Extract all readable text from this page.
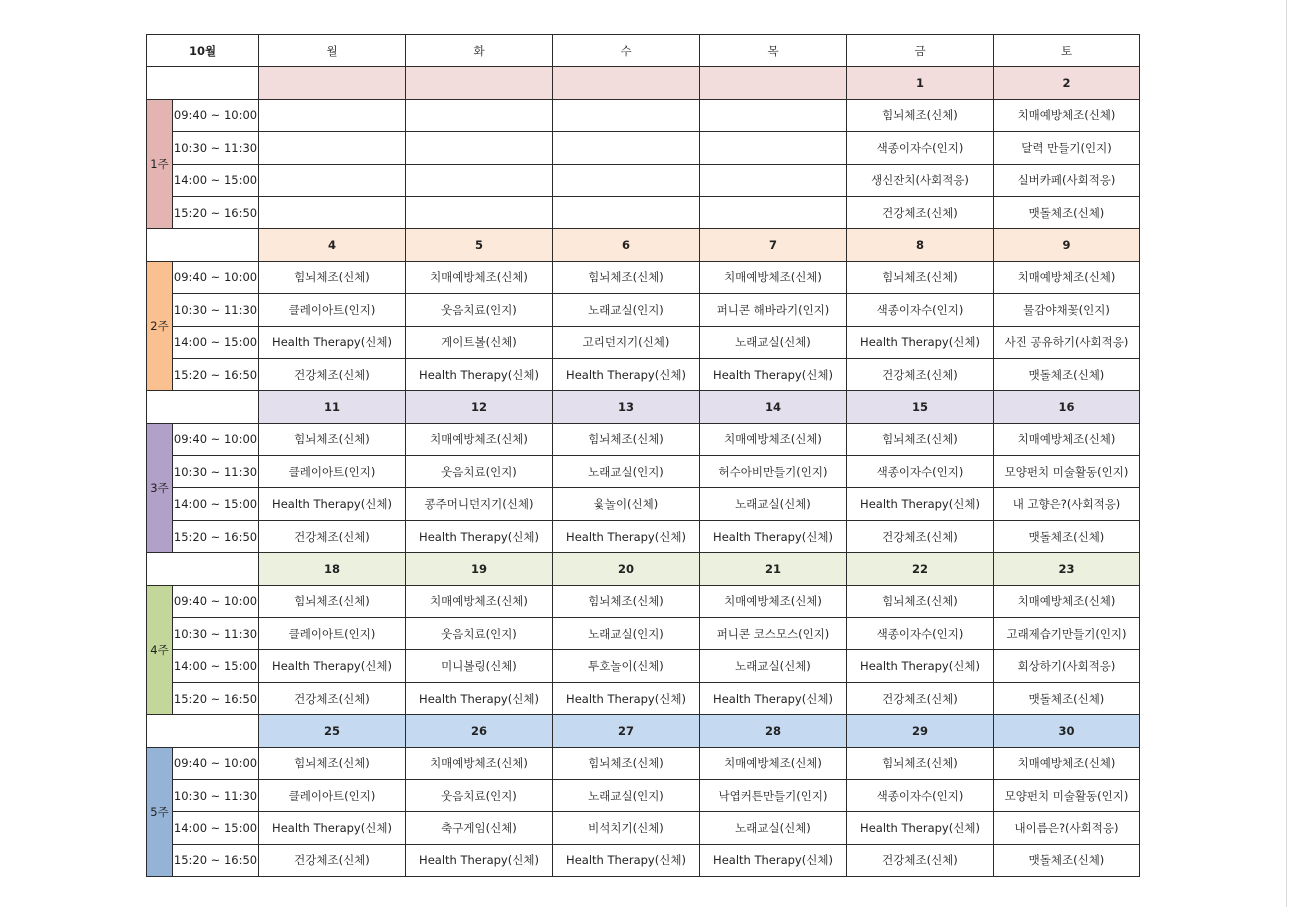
10월		월	화	수	목	금	토
						1	2
1주	09:40 ~ 10:00					힘뇌체조(신체)	치매예방체조(신체)
	10:30 ~ 11:30					색종이자수(인지)	달력 만들기(인지)
	14:00 ~ 15:00					생신잔치(사회적응)	실버카페(사회적응)
	15:20 ~ 16:50					건강체조(신체)	맷돌체조(신체)
		4	5	6	7	8	9
2주	09:40 ~ 10:00	힘뇌체조(신체)	치매예방체조(신체)	힘뇌체조(신체)	치매예방체조(신체)	힘뇌체조(신체)	치매예방체조(신체)
	10:30 ~ 11:30	클레이아트(인지)	웃음치료(인지)	노래교실(인지)	퍼니콘 해바라기(인지)	색종이자수(인지)	물감야채꽃(인지)
	14:00 ~ 15:00	Health Therapy(신체)	게이트볼(신체)	고리던지기(신체)	노래교실(신체)	Health Therapy(신체)	사진 공유하기(사회적응)
	15:20 ~ 16:50	건강체조(신체)	Health Therapy(신체)	Health Therapy(신체)	Health Therapy(신체)	건강체조(신체)	맷돌체조(신체)
		11	12	13	14	15	16
3주	09:40 ~ 10:00	힘뇌체조(신체)	치매예방체조(신체)	힘뇌체조(신체)	치매예방체조(신체)	힘뇌체조(신체)	치매예방체조(신체)
	10:30 ~ 11:30	클레이아트(인지)	웃음치료(인지)	노래교실(인지)	허수아비만들기(인지)	색종이자수(인지)	모양펀치 미술활동(인지)
	14:00 ~ 15:00	Health Therapy(신체)	콩주머니던지기(신체)	윷놀이(신체)	노래교실(신체)	Health Therapy(신체)	내 고향은?(사회적응)
	15:20 ~ 16:50	건강체조(신체)	Health Therapy(신체)	Health Therapy(신체)	Health Therapy(신체)	건강체조(신체)	맷돌체조(신체)
		18	19	20	21	22	23
4주	09:40 ~ 10:00	힘뇌체조(신체)	치매예방체조(신체)	힘뇌체조(신체)	치매예방체조(신체)	힘뇌체조(신체)	치매예방체조(신체)
	10:30 ~ 11:30	클레이아트(인지)	웃음치료(인지)	노래교실(인지)	퍼니콘 코스모스(인지)	색종이자수(인지)	고래제습기만들기(인지)
	14:00 ~ 15:00	Health Therapy(신체)	미니볼링(신체)	투호놀이(신체)	노래교실(신체)	Health Therapy(신체)	회상하기(사회적응)
	15:20 ~ 16:50	건강체조(신체)	Health Therapy(신체)	Health Therapy(신체)	Health Therapy(신체)	건강체조(신체)	맷돌체조(신체)
		25	26	27	28	29	30
5주	09:40 ~ 10:00	힘뇌체조(신체)	치매예방체조(신체)	힘뇌체조(신체)	치매예방체조(신체)	힘뇌체조(신체)	치매예방체조(신체)
	10:30 ~ 11:30	클레이아트(인지)	웃음치료(인지)	노래교실(인지)	낙엽커튼만들기(인지)	색종이자수(인지)	모양펀치 미술활동(인지)
	14:00 ~ 15:00	Health Therapy(신체)	축구게임(신체)	비석치기(신체)	노래교실(신체)	Health Therapy(신체)	내이름은?(사회적응)
	15:20 ~ 16:50	건강체조(신체)	Health Therapy(신체)	Health Therapy(신체)	Health Therapy(신체)	건강체조(신체)	맷돌체조(신체)
